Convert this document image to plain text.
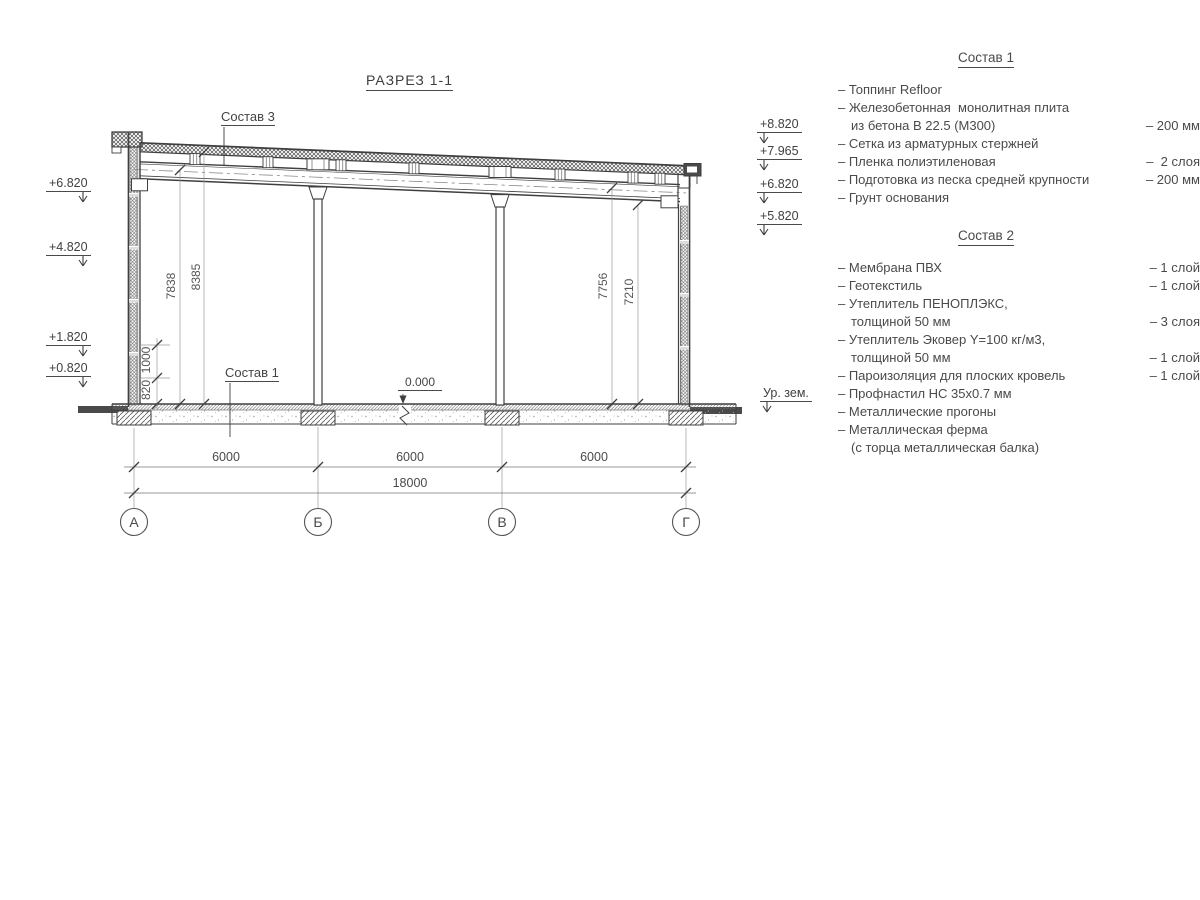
РАЗРЕЗ 1-1
Состав 3
Состав 1
0.000
+6.820
+4.820
+1.820
+0.820
+8.820
+7.965
+6.820
+5.820
Ур. зем.
7838 8385	7756 7210
1000
820
6000	6000	6000
18000
А	Б	В	Г
Состав 1
– Топпинг Refloor
– Железобетонная  монолитная плита
из бетона В 22.5 (М300)	– 200 мм
– Сетка из арматурных стержней
– Пленка полиэтиленовая	–  2 слоя
– Подготовка из песка средней крупности	– 200 мм
– Грунт основания
Состав 2
– Мембрана ПВХ	– 1 слой
– Геотекстиль	– 1 слой
– Утеплитель ПЕНОПЛЭКС,
толщиной 50 мм	– 3 слоя
– Утеплитель Эковер Y=100 кг/м3,
толщиной 50 мм	– 1 слой
– Пароизоляция для плоских кровель	– 1 слой
– Профнастил НС 35х0.7 мм
– Металлические прогоны
– Металлическая ферма
(с торца металлическая балка)
